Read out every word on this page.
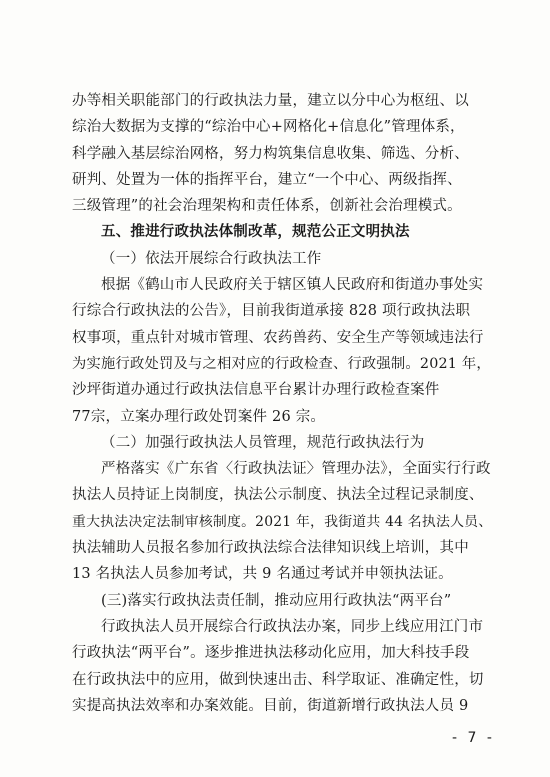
办等相关职能部门的行政执法力量，建立以分中心为枢纽、以
综治大数据为支撑的“综治中心+网格化+信息化”管理体系，
科学融入基层综治网格，努力构筑集信息收集、筛选、分析、
研判、处置为一体的指挥平台，建立“一个中心、两级指挥、
三级管理”的社会治理架构和责任体系，创新社会治理模式。
五、推进行政执法体制改革，规范公正文明执法
（一）依法开展综合行政执法工作
根据《鹤山市人民政府关于辖区镇人民政府和街道办事处实
行综合行政执法的公告》，目前我街道承接 828 项行政执法职
权事项，重点针对城市管理、农药兽药、安全生产等领域违法行
为实施行政处罚及与之相对应的行政检查、行政强制。2021 年，
沙坪街道办通过行政执法信息平台累计办理行政检查案件
77宗，立案办理行政处罚案件 26 宗。
（二）加强行政执法人员管理，规范行政执法行为
严格落实《广东省〈行政执法证〉管理办法》，全面实行行政
执法人员持证上岗制度，执法公示制度、执法全过程记录制度、
重大执法决定法制审核制度。2021 年，我街道共 44 名执法人员、
执法辅助人员报名参加行政执法综合法律知识线上培训，其中
13 名执法人员参加考试，共 9 名通过考试并申领执法证。
(三)落实行政执法责任制，推动应用行政执法“两平台”
行政执法人员开展综合行政执法办案，同步上线应用江门市
行政执法“两平台”。逐步推进执法移动化应用，加大科技手段
在行政执法中的应用，做到快速出击、科学取证、准确定性，切
实提高执法效率和办案效能。目前，街道新增行政执法人员 9
- 7 -
